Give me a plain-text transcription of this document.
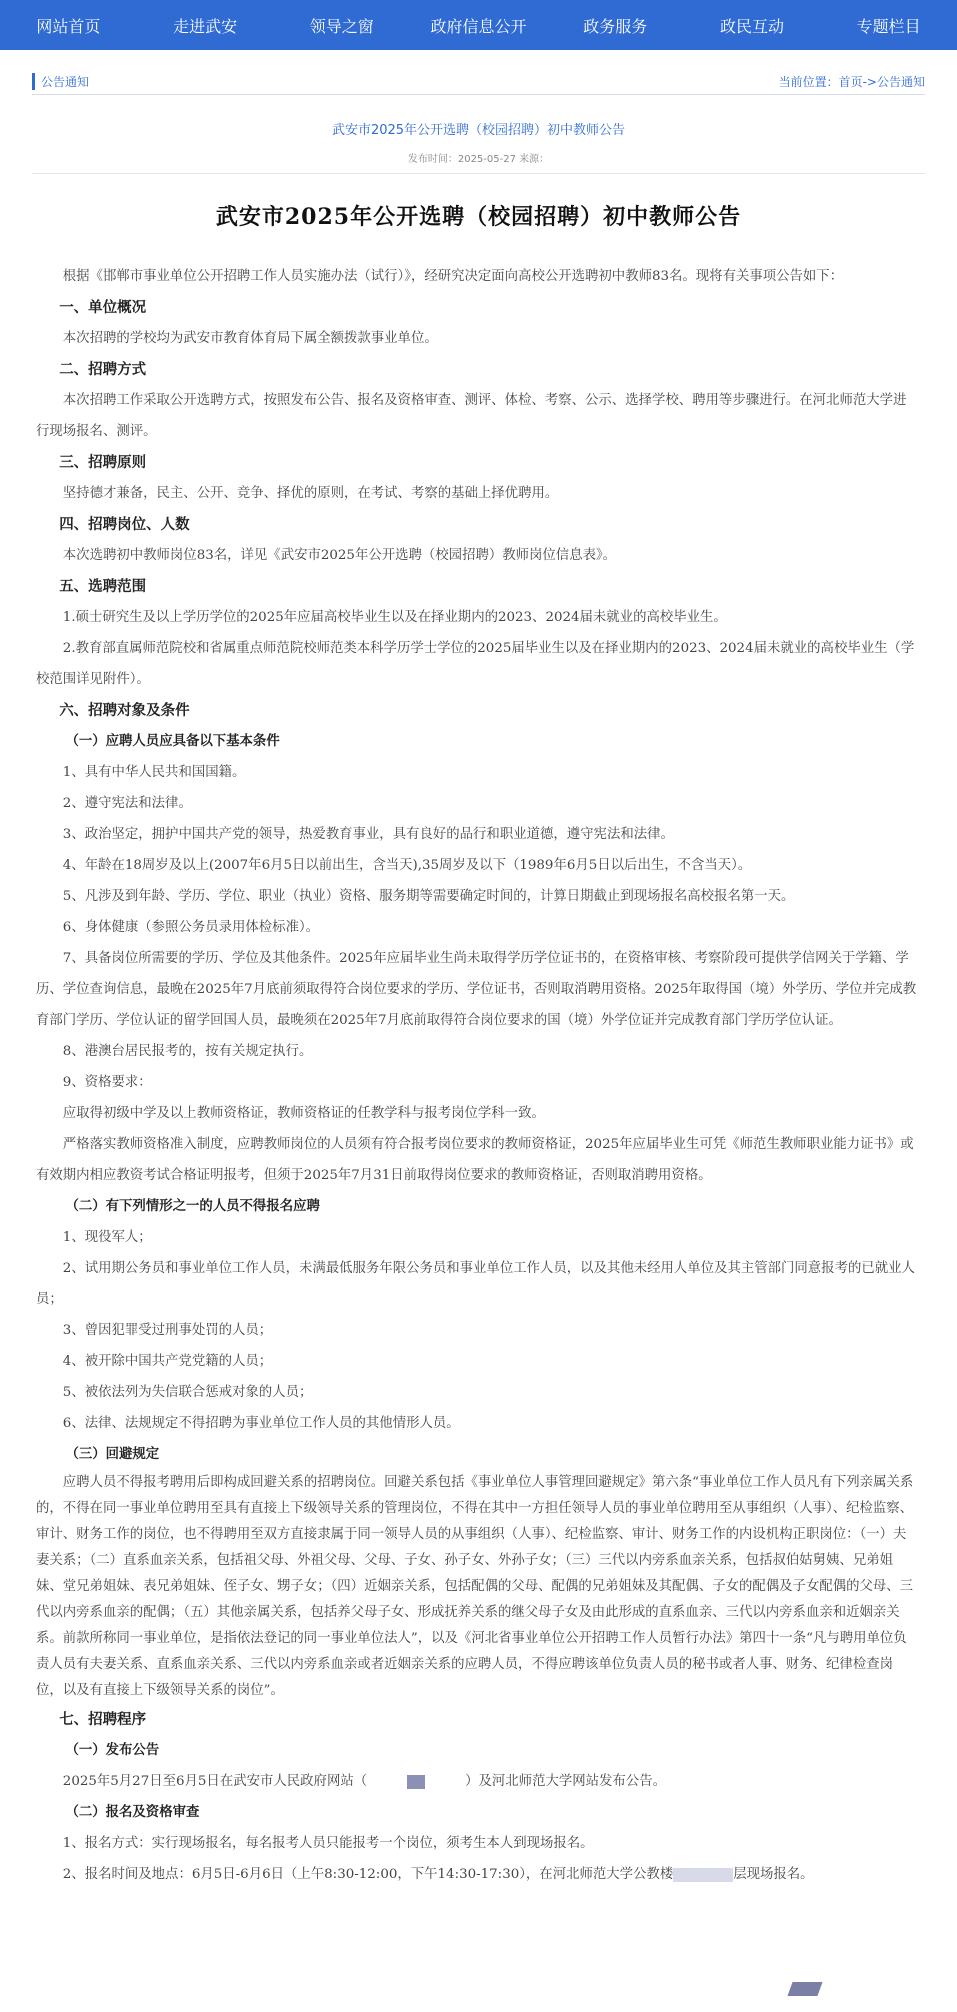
网站首页	走进武安	领导之窗	政府信息公开	政务服务	政民互动	专题栏目
公告通知	当前位置：首页->公告通知
武安市2025年公开选聘（校园招聘）初中教师公告
发布时间：2025-05-27 来源：
武安市2025年公开选聘（校园招聘）初中教师公告

根据《邯郸市事业单位公开招聘工作人员实施办法（试行）》，经研究决定面向高校公开选聘初中教师83名。现将有关事项公告如下：

一、单位概况

本次招聘的学校均为武安市教育体育局下属全额拨款事业单位。

二、招聘方式

本次招聘工作采取公开选聘方式，按照发布公告、报名及资格审查、测评、体检、考察、公示、选择学校、聘用等步骤进行。在河北师范大学进行现场报名、测评。

三、招聘原则

坚持德才兼备，民主、公开、竞争、择优的原则，在考试、考察的基础上择优聘用。

四、招聘岗位、人数

本次选聘初中教师岗位83名，详见《武安市2025年公开选聘（校园招聘）教师岗位信息表》。

五、选聘范围

1.硕士研究生及以上学历学位的2025年应届高校毕业生以及在择业期内的2023、2024届未就业的高校毕业生。

2.教育部直属师范院校和省属重点师范院校师范类本科学历学士学位的2025届毕业生以及在择业期内的2023、2024届未就业的高校毕业生（学校范围详见附件）。

六、招聘对象及条件

（一）应聘人员应具备以下基本条件

1、具有中华人民共和国国籍。

2、遵守宪法和法律。

3、政治坚定，拥护中国共产党的领导，热爱教育事业，具有良好的品行和职业道德，遵守宪法和法律。

4、年龄在18周岁及以上(2007年6月5日以前出生，含当天),35周岁及以下（1989年6月5日以后出生，不含当天）。

5、凡涉及到年龄、学历、学位、职业（执业）资格、服务期等需要确定时间的，计算日期截止到现场报名高校报名第一天。

6、身体健康（参照公务员录用体检标准）。

7、具备岗位所需要的学历、学位及其他条件。2025年应届毕业生尚未取得学历学位证书的，在资格审核、考察阶段可提供学信网关于学籍、学历、学位查询信息，最晚在2025年7月底前须取得符合岗位要求的学历、学位证书，否则取消聘用资格。2025年取得国（境）外学历、学位并完成教育部门学历、学位认证的留学回国人员，最晚须在2025年7月底前取得符合岗位要求的国（境）外学位证并完成教育部门学历学位认证。

8、港澳台居民报考的，按有关规定执行。

9、资格要求：

应取得初级中学及以上教师资格证，教师资格证的任教学科与报考岗位学科一致。

严格落实教师资格准入制度，应聘教师岗位的人员须有符合报考岗位要求的教师资格证，2025年应届毕业生可凭《师范生教师职业能力证书》或有效期内相应教资考试合格证明报考，但须于2025年7月31日前取得岗位要求的教师资格证，否则取消聘用资格。

（二）有下列情形之一的人员不得报名应聘

1、现役军人；

2、试用期公务员和事业单位工作人员，未满最低服务年限公务员和事业单位工作人员，以及其他未经用人单位及其主管部门同意报考的已就业人员；

3、曾因犯罪受过刑事处罚的人员；

4、被开除中国共产党党籍的人员；

5、被依法列为失信联合惩戒对象的人员；

6、法律、法规规定不得招聘为事业单位工作人员的其他情形人员。

（三）回避规定

应聘人员不得报考聘用后即构成回避关系的招聘岗位。回避关系包括《事业单位人事管理回避规定》第六条“事业单位工作人员凡有下列亲属关系的，不得在同一事业单位聘用至具有直接上下级领导关系的管理岗位，不得在其中一方担任领导人员的事业单位聘用至从事组织（人事）、纪检监察、审计、财务工作的岗位，也不得聘用至双方直接隶属于同一领导人员的从事组织（人事）、纪检监察、审计、财务工作的内设机构正职岗位：（一）夫妻关系；（二）直系血亲关系，包括祖父母、外祖父母、父母、子女、孙子女、外孙子女；（三）三代以内旁系血亲关系，包括叔伯姑舅姨、兄弟姐妹、堂兄弟姐妹、表兄弟姐妹、侄子女、甥子女；（四）近姻亲关系，包括配偶的父母、配偶的兄弟姐妹及其配偶、子女的配偶及子女配偶的父母、三代以内旁系血亲的配偶；（五）其他亲属关系，包括养父母子女、形成抚养关系的继父母子女及由此形成的直系血亲、三代以内旁系血亲和近姻亲关系。前款所称同一事业单位，是指依法登记的同一事业单位法人”，以及《河北省事业单位公开招聘工作人员暂行办法》第四十一条“凡与聘用单位负责人员有夫妻关系、直系血亲关系、三代以内旁系血亲或者近姻亲关系的应聘人员，不得应聘该单位负责人员的秘书或者人事、财务、纪律检查岗位，以及有直接上下级领导关系的岗位”。

七、招聘程序

（一）发布公告

2025年5月27日至6月5日在武安市人民政府网站（	）及河北师范大学网站发布公告。

（二）报名及资格审查

1、报名方式：实行现场报名，每名报考人员只能报考一个岗位，须考生本人到现场报名。

2、报名时间及地点：6月5日-6月6日（上午8:30-12:00，下午14:30-17:30），在河北师范大学公教楼	层现场报名。
